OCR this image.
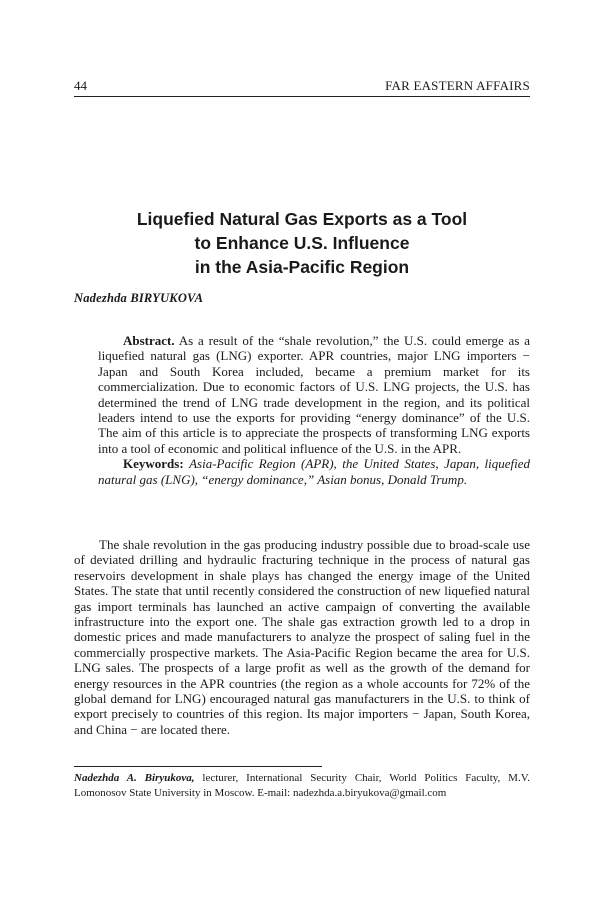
44	FAR EASTERN AFFAIRS
Liquefied Natural Gas Exports as a Tool
to Enhance U.S. Influence
in the Asia-Pacific Region
Nadezhda BIRYUKOVA

Abstract. As a result of the “shale revolution,” the U.S. could emerge as a liquefied natural gas (LNG) exporter. APR countries, major LNG importers − Japan and South Korea included, became a premium market for its commercialization. Due to economic factors of U.S. LNG projects, the U.S. has determined the trend of LNG trade development in the region, and its political leaders intend to use the exports for providing “energy dominance” of the U.S. The aim of this article is to appreciate the prospects of transforming LNG exports into a tool of economic and political influence of the U.S. in the APR.

Keywords: Asia-Pacific Region (APR), the United States, Japan, liquefied natural gas (LNG), “energy dominance,” Asian bonus, Donald Trump.

The shale revolution in the gas producing industry possible due to broad-scale use of deviated drilling and hydraulic fracturing technique in the process of natural gas reservoirs development in shale plays has changed the energy image of the United States. The state that until recently considered the construction of new liquefied natural gas import terminals has launched an active campaign of converting the available infrastructure into the export one. The shale gas extraction growth led to a drop in domestic prices and made manufacturers to analyze the prospect of saling fuel in the commercially prospective markets. The Asia-Pacific Region became the area for U.S. LNG sales. The prospects of a large profit as well as the growth of the demand for energy resources in the APR countries (the region as a whole accounts for 72% of the global demand for LNG) encouraged natural gas manufacturers in the U.S. to think of export precisely to countries of this region. Its major importers − Japan, South Korea, and China − are located there.

Nadezhda A. Biryukova, lecturer, International Security Chair, World Politics Faculty, M.V. Lomonosov State University in Moscow. E-mail: nadezhda.a.biryukova@gmail.com
